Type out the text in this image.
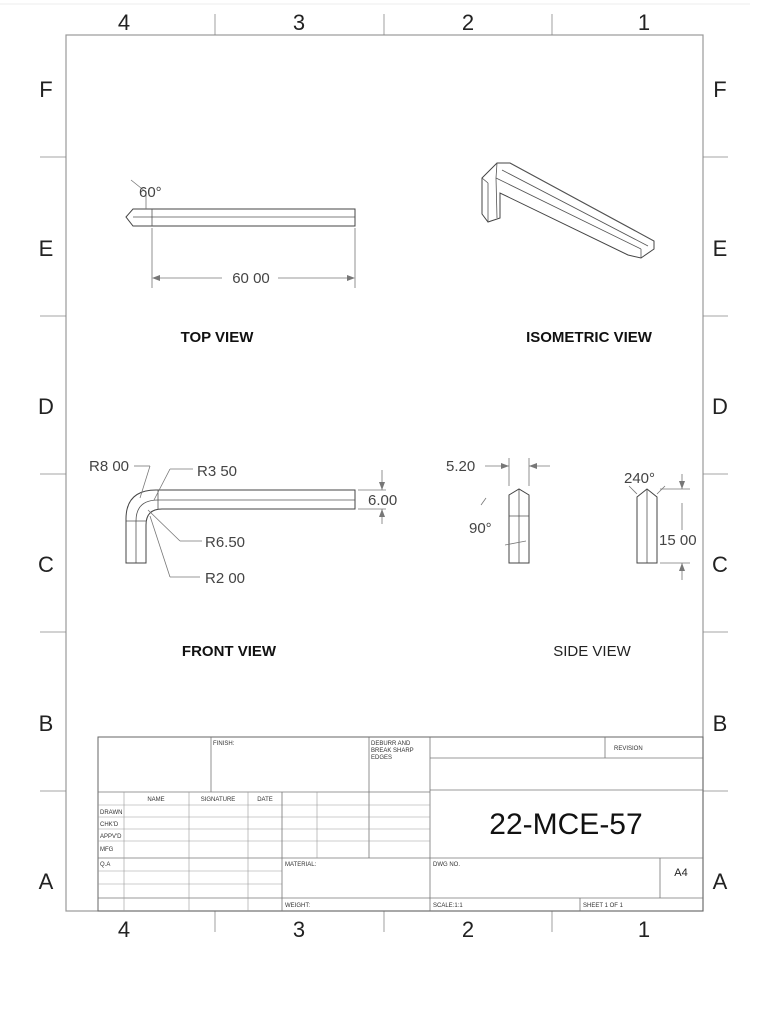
4	3	2	1
4	3	2	1
F
E
D
C
B
A
F
E
D
C
B
A
60°
60 00
TOP VIEW	ISOMETRIC VIEW
R8 00	R3 50
R6.50
R2 00
6.00
FRONT VIEW
5.20
90°
240°
15 00
SIDE VIEW
FINISH:	DEBURR AND
BREAK SHARP
EDGES
REVISION
NAME	SIGNATURE	DATE
DRAWN
CHK'D
APPV'D
MFG
Q.A	MATERIAL:
WEIGHT:
DWG NO.
SCALE:1:1	SHEET 1 OF 1
A4
22-MCE-57
